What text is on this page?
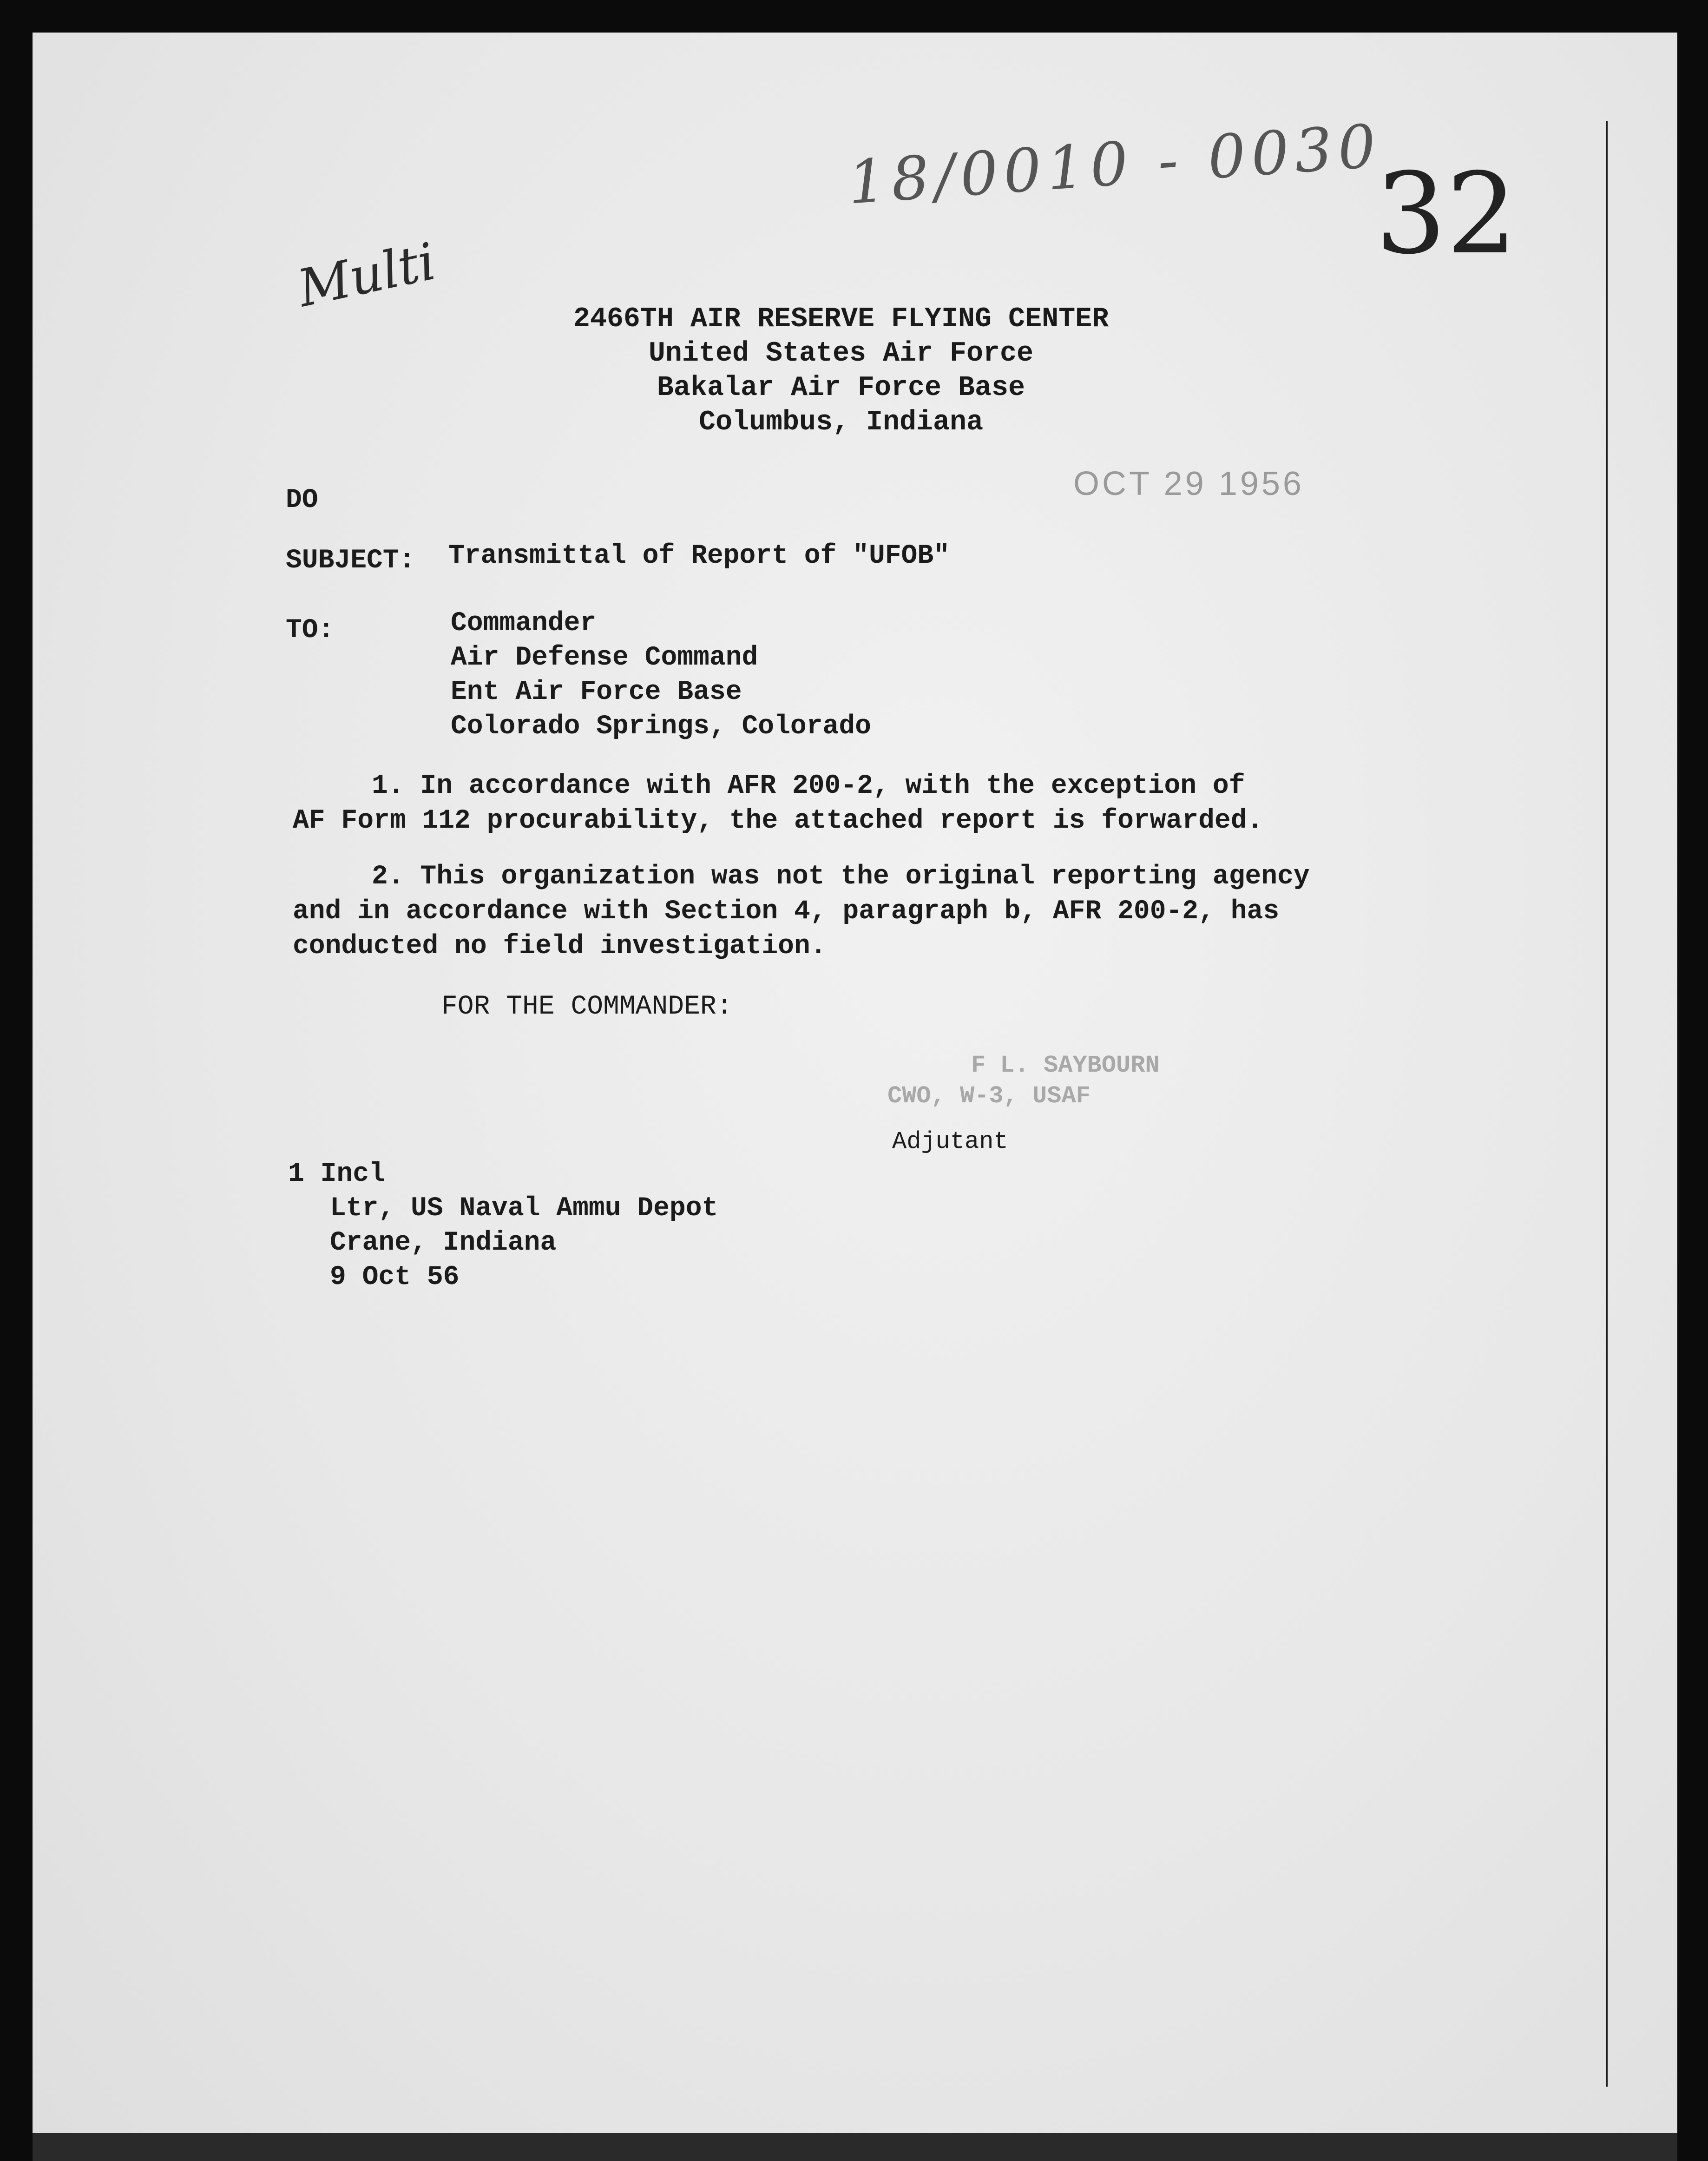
18/0010 - 0030
32
Multi
2466TH AIR RESERVE FLYING CENTER
United States Air Force
Bakalar Air Force Base
Columbus, Indiana
DO	OCT 29 1956
SUBJECT: Transmittal of Report of "UFOB"
TO:	Commander
Air Defense Command
Ent Air Force Base
Colorado Springs, Colorado
1. In accordance with AFR 200-2, with the exception of
AF Form 112 procurability, the attached report is forwarded.
2. This organization was not the original reporting agency
and in accordance with Section 4, paragraph b, AFR 200-2, has
conducted no field investigation.
FOR THE COMMANDER:
F L. SAYBOURN
CWO, W-3, USAF
Adjutant
1 Incl
Ltr, US Naval Ammu Depot
Crane, Indiana
9 Oct 56
